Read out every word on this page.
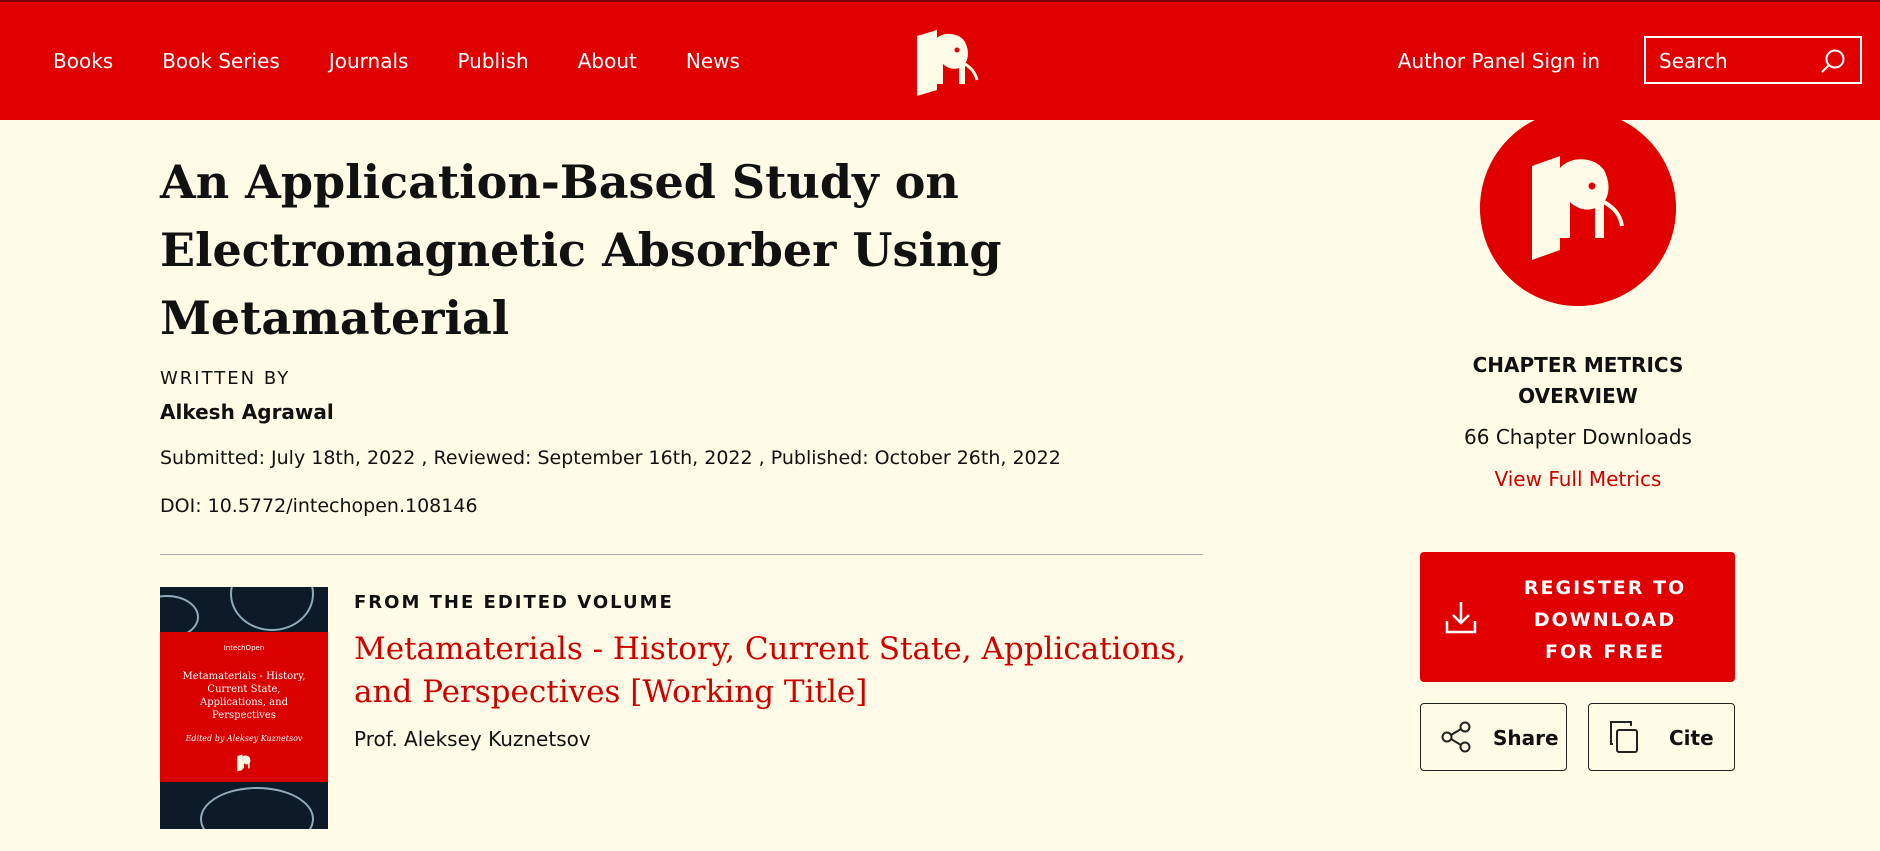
Books Book Series Journals Publish About News	Author Panel Sign in	Search
An Application-Based Study on Electromagnetic Absorber Using Metamaterial
WRITTEN BY
Alkesh Agrawal
Submitted: July 18th, 2022 , Reviewed: September 16th, 2022 , Published: October 26th, 2022
DOI: 10.5772/intechopen.108146
IntechOpen
Metamaterials - History, Current State, Applications, and Perspectives
Edited by Aleksey Kuznetsov
FROM THE EDITED VOLUME
Metamaterials - History, Current State, Applications, and Perspectives [Working Title]
Prof. Aleksey Kuznetsov
CHAPTER METRICS OVERVIEW
66 Chapter Downloads
View Full Metrics
REGISTER TO DOWNLOAD FOR FREE
Share	Cite
